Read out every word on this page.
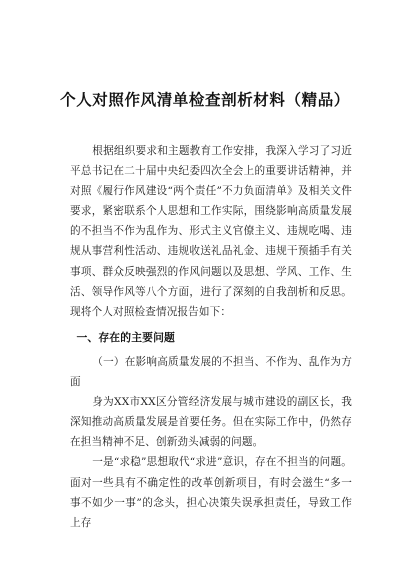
个人对照作风清单检查剖析材料（精品）

根据组织要求和主题教育工作安排，我深入学习了习近平总书记在二十届中央纪委四次全会上的重要讲话精神，并对照《履行作风建设“两个责任”不力负面清单》及相关文件要求，紧密联系个人思想和工作实际，围绕影响高质量发展的不担当不作为乱作为、形式主义官僚主义、违规吃喝、违规从事营利性活动、违规收送礼品礼金、违规干预插手有关事项、群众反映强烈的作风问题以及思想、学风、工作、生活、领导作风等八个方面，进行了深刻的自我剖析和反思。现将个人对照检查情况报告如下：

一、存在的主要问题

（一）在影响高质量发展的不担当、不作为、乱作为方面

身为XX市XX区分管经济发展与城市建设的副区长，我深知推动高质量发展是首要任务。但在实际工作中，仍然存在担当精神不足、创新劲头减弱的问题。

一是“求稳”思想取代“求进”意识，存在不担当的问题。面对一些具有不确定性的改革创新项目，有时会滋生“多一事不如少一事”的念头，担心决策失误承担责任，导致工作上存
